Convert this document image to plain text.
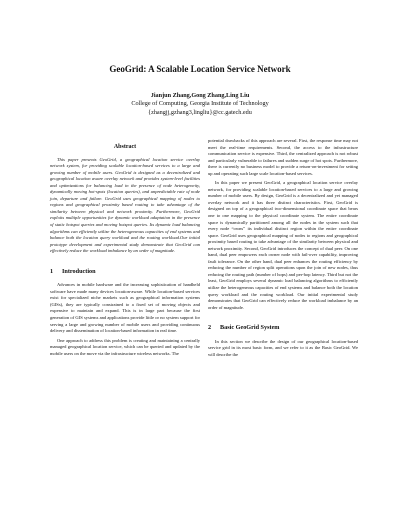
GeoGrid: A Scalable Location Service Network
Jianjun Zhang,Gong Zhang,Ling Liu
College of Computing, Georgia Institute of Technology
{zhangjj,gzhang3,lingliu}@cc.gatech.edu
Abstract

This paper presents GeoGrid, a geographical location service overlay network system, for providing scalable location-based services to a large and growing number of mobile users. GeoGrid is designed as a decentralized and geographical location aware overlay network and provides system-level facilities and optimizations for balancing load in the presence of node heterogeneity, dynamically moving hot-spots (location queries), and unpredictable rate of node join, departure and failure. GeoGrid uses geographical mapping of nodes to regions and geographical proximity based routing to take advantage of the similarity between physical and network proximity. Furthermore, GeoGrid exploits multiple opportunities for dynamic workload adaptation in the presence of static hotspot queries and moving hotspot queries. Its dynamic load balancing algorithms can efficiently utilize the heterogeneous capacities of end systems and balance both the location query workload and the routing workload.Our initial prototype development and experimental study demonstrate that GeoGrid can effectively reduce the workload imbalance by an order of magnitude.

1 Introduction

Advances in mobile hardware and the increasing sophistication of handheld software have made many devices location-aware. While location-based services exist for specialized niche markets such as geographical information systems (GISs), they are typically constrained to a fixed set of moving objects and expensive to maintain and expand. This is in large part because the first generation of GIS systems and applications provide little or no system support for serving a large and growing number of mobile users and providing continuous delivery and dissemination of location-based information in real time.

One approach to address this problem is creating and maintaining a centrally managed geographical location service, which can be queried and updated by the mobile users on the move via the infrastructure wireless networks. The

potential drawbacks of this approach are several. First, the response time may not meet the real-time requirements. Second, the access to the infrastructure communication service is expensive. Third, the centralized approach is not robust and particularly vulnerable to failures and sudden surge of hot spots. Furthermore, there is currently no business model to provide a return-on-investment for setting up and operating such large scale location-based services.

In this paper we present GeoGrid, a geographical location service overlay network, for providing scalable location-based services to a large and growing number of mobile users. By design, GeoGrid is a decentralized and yet managed overlay network and it has three distinct characteristics. First, GeoGrid is designed on top of a geographical two-dimensional coordinate space that bears one to one mapping to the physical coordinate system. The entire coordinate space is dynamically partitioned among all the nodes in the system such that every node “owns” its individual distinct region within the entire coordinate space. GeoGrid uses geographical mapping of nodes to regions and geographical proximity based routing to take advantage of the similarity between physical and network proximity. Second, GeoGrid introduces the concept of dual peer. On one hand, dual peer empowers each owner node with fail-over capability, improving fault tolerance. On the other hand, dual peer enhances the routing efficiency by reducing the number of region split operations upon the join of new nodes, thus reducing the routing path (number of hops) and per-hop latency. Third but not the least, GeoGrid employs several dynamic load balancing algorithms to efficiently utilize the heterogeneous capacities of end systems and balance both the location query workload and the routing workload. Our initial experimental study demonstrates that GeoGrid can effectively reduce the workload imbalance by an order of magnitude.

2 Basic GeoGrid System

In this section we describe the design of our geographical location-based service grid in its most basic form, and we refer to it as the Basic GeoGrid. We will describe the
